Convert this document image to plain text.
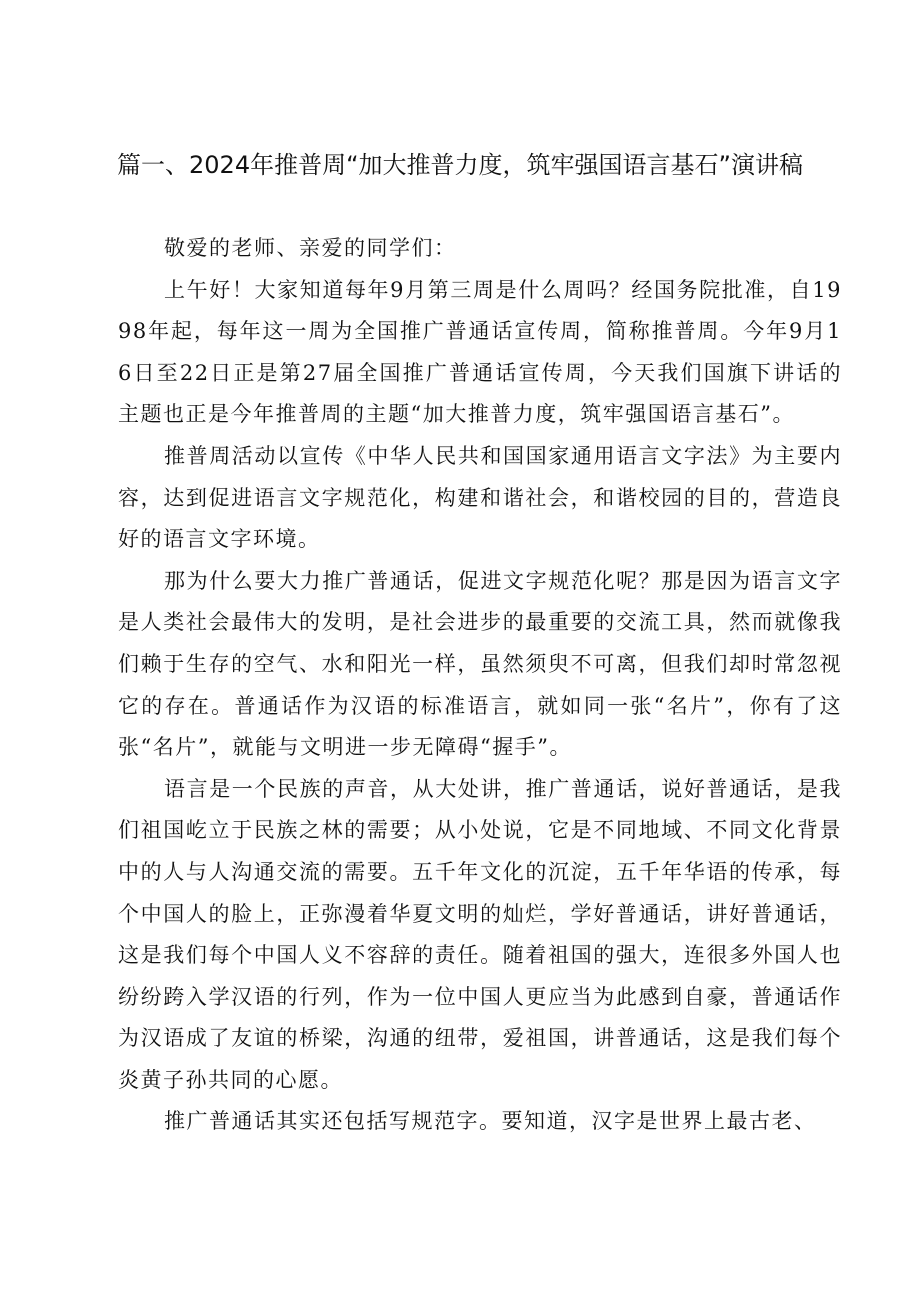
篇一、2024年推普周“加大推普力度，筑牢强国语言基石”演讲稿

敬爱的老师、亲爱的同学们：

上午好！大家知道每年9月第三周是什么周吗？经国务院批准，自1998年起，每年这一周为全国推广普通话宣传周，简称推普周。今年9月16日至22日正是第27届全国推广普通话宣传周，今天我们国旗下讲话的主题也正是今年推普周的主题“加大推普力度，筑牢强国语言基石”。

推普周活动以宣传《中华人民共和国国家通用语言文字法》为主要内容，达到促进语言文字规范化，构建和谐社会，和谐校园的目的，营造良好的语言文字环境。

那为什么要大力推广普通话，促进文字规范化呢？那是因为语言文字是人类社会最伟大的发明，是社会进步的最重要的交流工具，然而就像我们赖于生存的空气、水和阳光一样，虽然须臾不可离，但我们却时常忽视它的存在。普通话作为汉语的标准语言，就如同一张“名片”，你有了这张“名片”，就能与文明进一步无障碍“握手”。

语言是一个民族的声音，从大处讲，推广普通话，说好普通话，是我们祖国屹立于民族之林的需要；从小处说，它是不同地域、不同文化背景中的人与人沟通交流的需要。五千年文化的沉淀，五千年华语的传承，每个中国人的脸上，正弥漫着华夏文明的灿烂，学好普通话，讲好普通话，这是我们每个中国人义不容辞的责任。随着祖国的强大，连很多外国人也纷纷跨入学汉语的行列，作为一位中国人更应当为此感到自豪，普通话作为汉语成了友谊的桥梁，沟通的纽带，爱祖国，讲普通话，这是我们每个炎黄子孙共同的心愿。

推广普通话其实还包括写规范字。要知道，汉字是世界上最古老、
